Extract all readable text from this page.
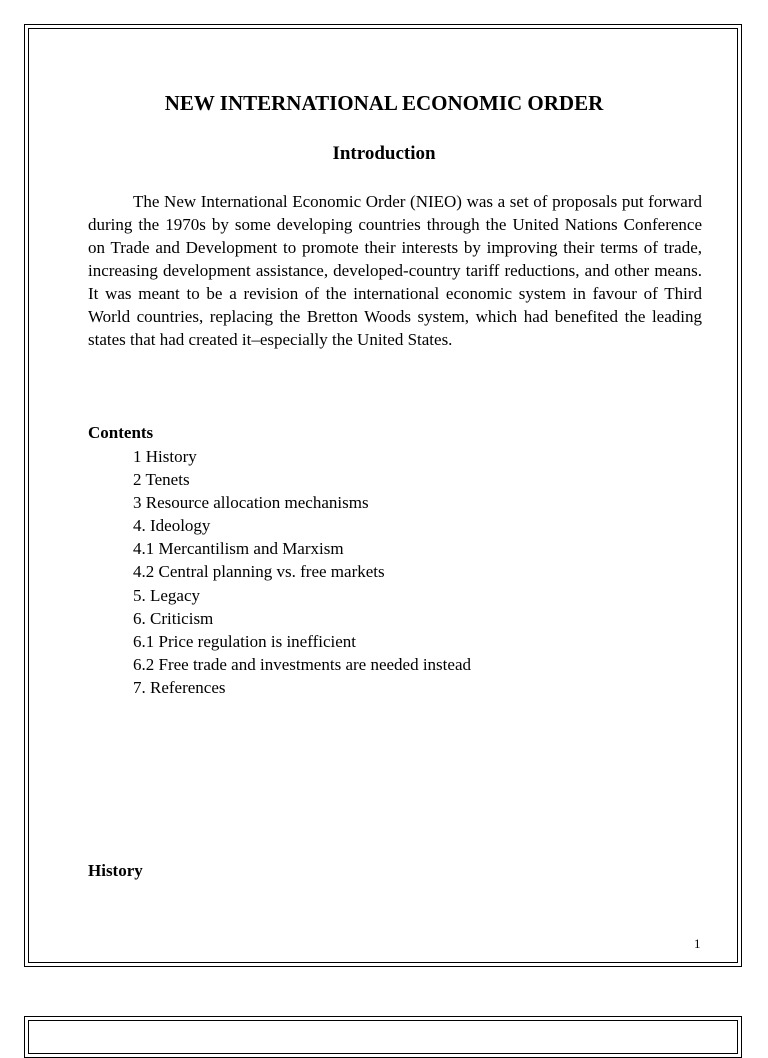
NEW INTERNATIONAL ECONOMIC ORDER
Introduction

The New International Economic Order (NIEO) was a set of proposals put forward during the 1970s by some developing countries through the United Nations Conference on Trade and Development to promote their interests by improving their terms of trade, increasing development assistance, developed-country tariff reductions, and other means. It was meant to be a revision of the international economic system in favour of Third World countries, replacing the Bretton Woods system, which had benefited the leading states that had created it–especially the United States.

Contents
1 History
2 Tenets
3 Resource allocation mechanisms
4. Ideology
4.1 Mercantilism and Marxism
4.2 Central planning vs. free markets
5. Legacy
6. Criticism
6.1 Price regulation is inefficient
6.2 Free trade and investments are needed instead
7. References
History

1
